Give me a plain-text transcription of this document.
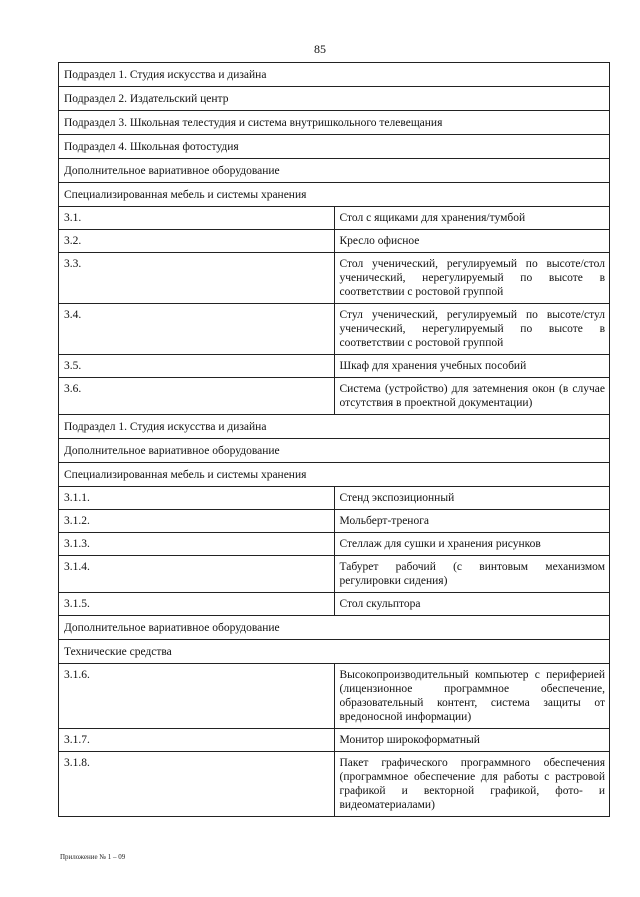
85
Подраздел 1. Студия искусства и дизайна	
Подраздел 2. Издательский центр	
Подраздел 3. Школьная телестудия и система внутришкольного телевещания	
Подраздел 4. Школьная фотостудия	
Дополнительное вариативное оборудование	
Специализированная мебель и системы хранения	
3.1.	Стол с ящиками для хранения/тумбой
3.2.	Кресло офисное
3.3.	Стол ученический, регулируемый по высоте/стол ученический, нерегулируемый по высоте в соответствии с ростовой группой
3.4.	Стул ученический, регулируемый по высоте/стул ученический, нерегулируемый по высоте в соответствии с ростовой группой
3.5.	Шкаф для хранения учебных пособий
3.6.	Система (устройство) для затемнения окон (в случае отсутствия в проектной документации)
Подраздел 1. Студия искусства и дизайна	
Дополнительное вариативное оборудование	
Специализированная мебель и системы хранения	
3.1.1.	Стенд экспозиционный
3.1.2.	Мольберт-тренога
3.1.3.	Стеллаж для сушки и хранения рисунков
3.1.4.	Табурет рабочий (с винтовым механизмом регулировки сидения)
3.1.5.	Стол скульптора
Дополнительное вариативное оборудование	
Технические средства	
3.1.6.	Высокопроизводительный компьютер с периферией (лицензионное программное обеспечение, образовательный контент, система защиты от вредоносной информации)
3.1.7.	Монитор широкоформатный
3.1.8.	Пакет графического программного обеспечения (программное обеспечение для работы с растровой графикой и векторной графикой, фото- и видеоматериалами)
Приложение № 1 – 09
